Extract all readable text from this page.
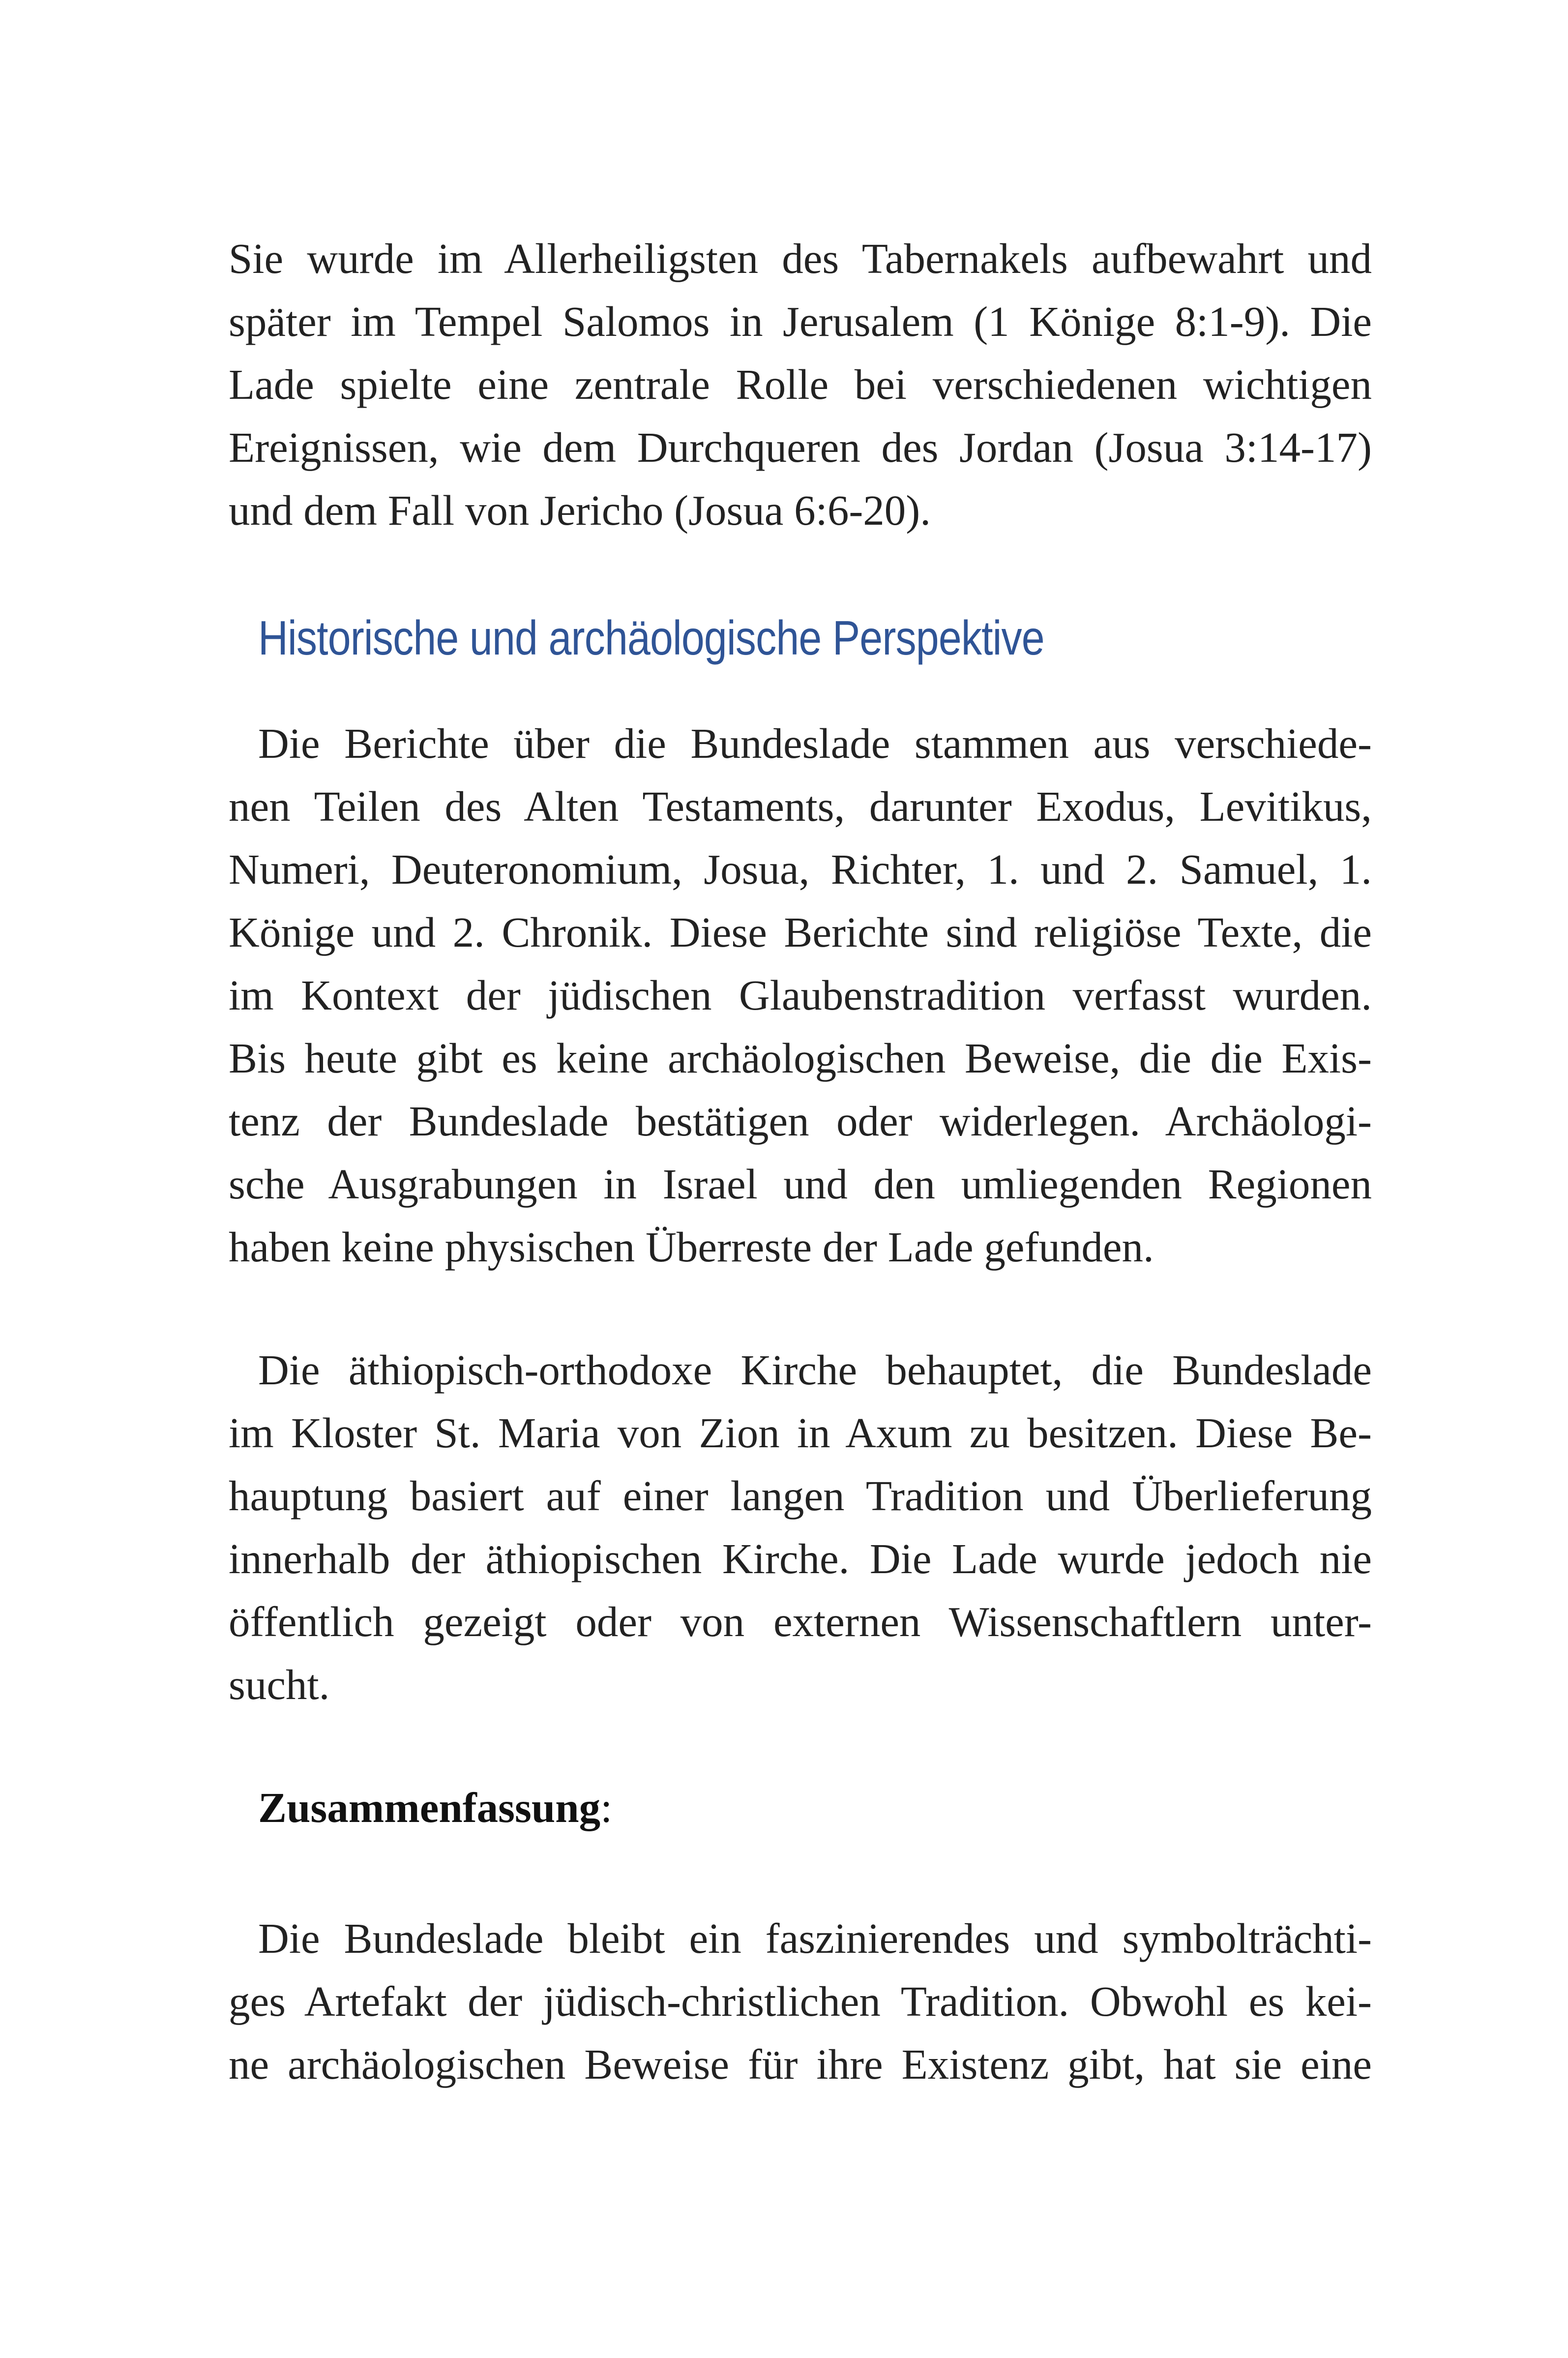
Sie wurde im Allerheiligsten des Tabernakels aufbewahrt und
später im Tempel Salomos in Jerusalem (1 Könige 8:1-9). Die
Lade spielte eine zentrale Rolle bei verschiedenen wichtigen
Ereignissen, wie dem Durchqueren des Jordan (Josua 3:14-17)
und dem Fall von Jericho (Josua 6:6-20).
Historische und archäologische Perspektive
Die Berichte über die Bundeslade stammen aus verschiede-
nen Teilen des Alten Testaments, darunter Exodus, Levitikus,
Numeri, Deuteronomium, Josua, Richter, 1. und 2. Samuel, 1.
Könige und 2. Chronik. Diese Berichte sind religiöse Texte, die
im Kontext der jüdischen Glaubenstradition verfasst wurden.
Bis heute gibt es keine archäologischen Beweise, die die Exis-
tenz der Bundeslade bestätigen oder widerlegen. Archäologi-
sche Ausgrabungen in Israel und den umliegenden Regionen
haben keine physischen Überreste der Lade gefunden.
Die äthiopisch-orthodoxe Kirche behauptet, die Bundeslade
im Kloster St. Maria von Zion in Axum zu besitzen. Diese Be-
hauptung basiert auf einer langen Tradition und Überlieferung
innerhalb der äthiopischen Kirche. Die Lade wurde jedoch nie
öffentlich gezeigt oder von externen Wissenschaftlern unter-
sucht.
Zusammenfassung:
Die Bundeslade bleibt ein faszinierendes und symbolträchti-
ges Artefakt der jüdisch-christlichen Tradition. Obwohl es kei-
ne archäologischen Beweise für ihre Existenz gibt, hat sie eine
